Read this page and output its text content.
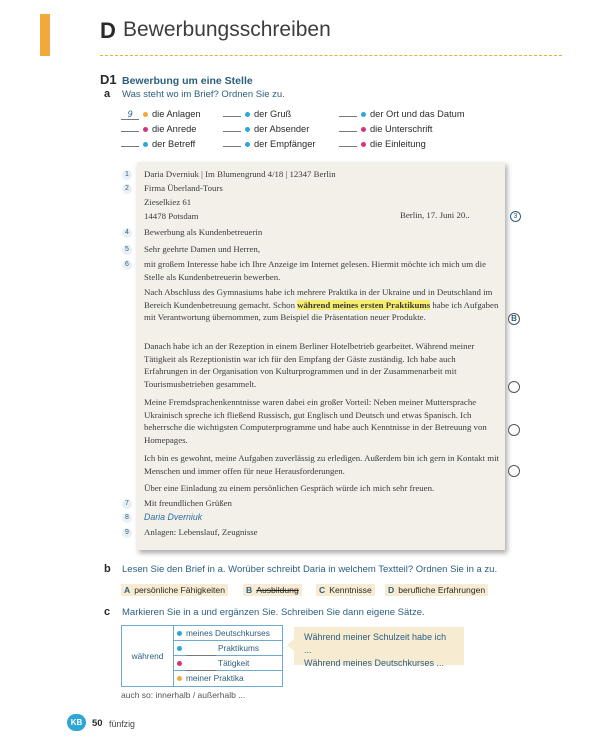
D Bewerbungsschreiben
D1 Bewerbung um eine Stelle
a Was steht wo im Brief? Ordnen Sie zu.
9 die Anlagen	der Gruß	der Ort und das Datum
die Anrede	der Absender	die Unterschrift
der Betreff	der Empfänger	die Einleitung
1	Daria Dverniuk | Im Blumengrund 4/18 | 12347 Berlin
2	Firma Überland-Tours
Zieselkiez 61
14478 Potsdam	Berlin, 17. Juni 20..	3
4	Bewerbung als Kundenbetreuerin
5	Sehr geehrte Damen und Herren,
6	mit großem Interesse habe ich Ihre Anzeige im Internet gelesen. Hiermit möchte ich mich um die Stelle als Kundenbetreuerin bewerben.
Nach Abschluss des Gymnasiums habe ich mehrere Praktika in der Ukraine und in Deutschland im Bereich Kundenbetreuung gemacht. Schon während meines ersten Praktikums habe ich Aufgaben mit Verantwortung übernommen, zum Beispiel die Präsentation neuer Produkte.	B
Danach habe ich an der Rezeption in einem Berliner Hotelbetrieb gearbeitet. Während meiner Tätigkeit als Rezeptionistin war ich für den Empfang der Gäste zuständig. Ich habe auch Erfahrungen in der Organisation von Kulturprogrammen und in der Zusammenarbeit mit Tourismusbetrieben gesammelt.
Meine Fremdsprachenkenntnisse waren dabei ein großer Vorteil: Neben meiner Muttersprache Ukrainisch spreche ich fließend Russisch, gut Englisch und Deutsch und etwas Spanisch. Ich beherrsche die wichtigsten Computerprogramme und habe auch Kenntnisse in der Betreuung von Homepages.
Ich bin es gewohnt, meine Aufgaben zuverlässig zu erledigen. Außerdem bin ich gern in Kontakt mit Menschen und immer offen für neue Herausforderungen.
Über eine Einladung zu einem persönlichen Gespräch würde ich mich sehr freuen.
7	Mit freundlichen Grüßen
8	Daria Dverniuk
9	Anlagen: Lebenslauf, Zeugnisse
b Lesen Sie den Brief in a. Worüber schreibt Daria in welchem Textteil? Ordnen Sie in a zu.
A persönliche Fähigkeiten	B Ausbildung	C Kenntnisse	D berufliche Erfahrungen
c Markieren Sie in a und ergänzen Sie. Schreiben Sie dann eigene Sätze.
während
meines Deutschkurses
Praktikums
Tätigkeit
meiner Praktika
Während meiner Schulzeit habe ich ...
Während meines Deutschkurses ...
auch so: innerhalb / außerhalb ...
KB	50 fünfzig
